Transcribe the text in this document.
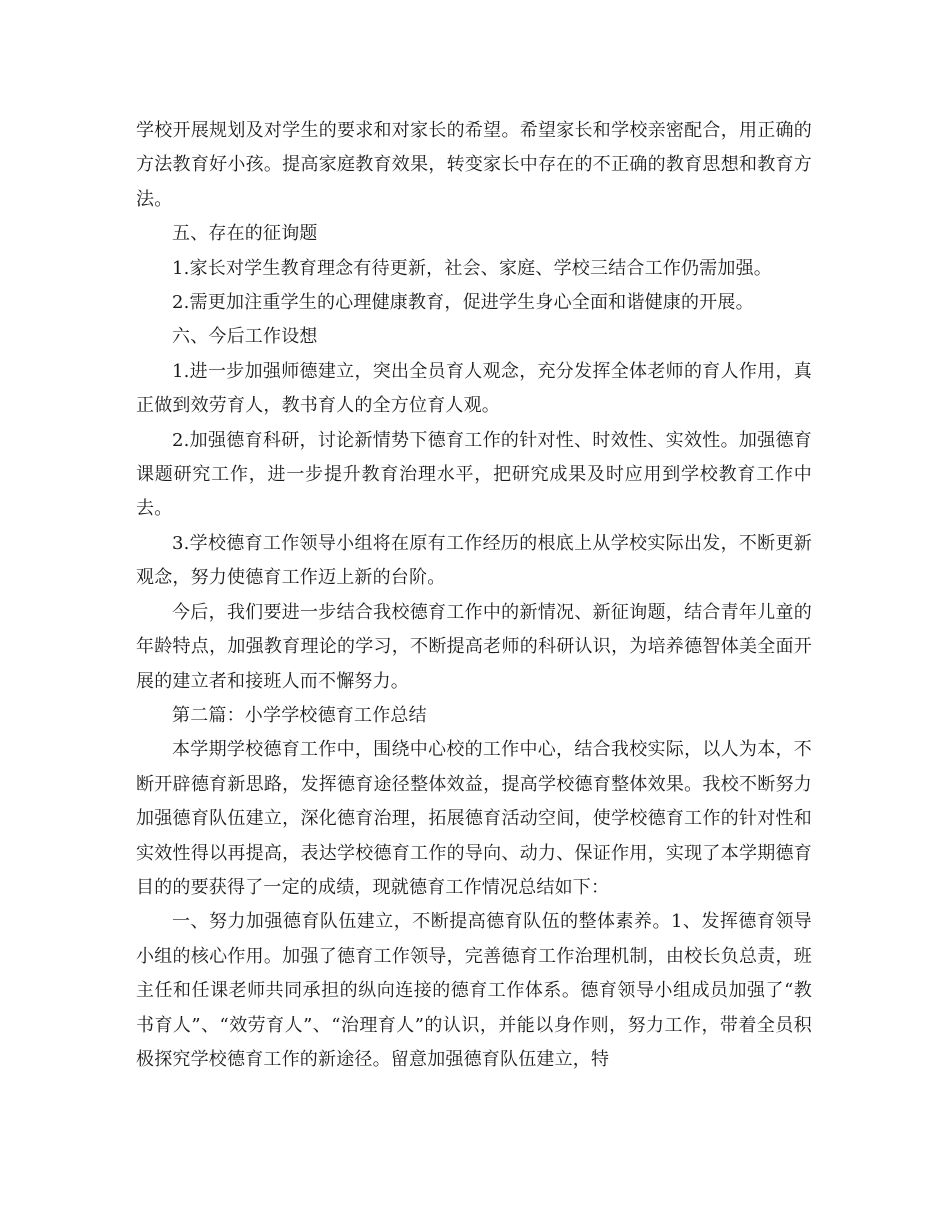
学校开展规划及对学生的要求和对家长的希望。希望家长和学校亲密配合，用正确的方法教育好小孩。提高家庭教育效果，转变家长中存在的不正确的教育思想和教育方法。

五、存在的征询题

1.家长对学生教育理念有待更新，社会、家庭、学校三结合工作仍需加强。

2.需更加注重学生的心理健康教育，促进学生身心全面和谐健康的开展。

六、今后工作设想

1.进一步加强师德建立，突出全员育人观念，充分发挥全体老师的育人作用，真正做到效劳育人，教书育人的全方位育人观。

2.加强德育科研，讨论新情势下德育工作的针对性、时效性、实效性。加强德育课题研究工作，进一步提升教育治理水平，把研究成果及时应用到学校教育工作中去。

3.学校德育工作领导小组将在原有工作经历的根底上从学校实际出发，不断更新观念，努力使德育工作迈上新的台阶。

今后，我们要进一步结合我校德育工作中的新情况、新征询题，结合青年儿童的年龄特点，加强教育理论的学习，不断提高老师的科研认识，为培养德智体美全面开展的建立者和接班人而不懈努力。

第二篇：小学学校德育工作总结

本学期学校德育工作中，围绕中心校的工作中心，结合我校实际，以人为本，不断开辟德育新思路，发挥德育途径整体效益，提高学校德育整体效果。我校不断努力加强德育队伍建立，深化德育治理，拓展德育活动空间，使学校德育工作的针对性和实效性得以再提高，表达学校德育工作的导向、动力、保证作用，实现了本学期德育目的的要获得了一定的成绩，现就德育工作情况总结如下：

一、努力加强德育队伍建立，不断提高德育队伍的整体素养。1、发挥德育领导小组的核心作用。加强了德育工作领导，完善德育工作治理机制，由校长负总责，班主任和任课老师共同承担的纵向连接的德育工作体系。德育领导小组成员加强了“教书育人”、“效劳育人”、“治理育人”的认识，并能以身作则，努力工作，带着全员积极探究学校德育工作的新途径。留意加强德育队伍建立，特
